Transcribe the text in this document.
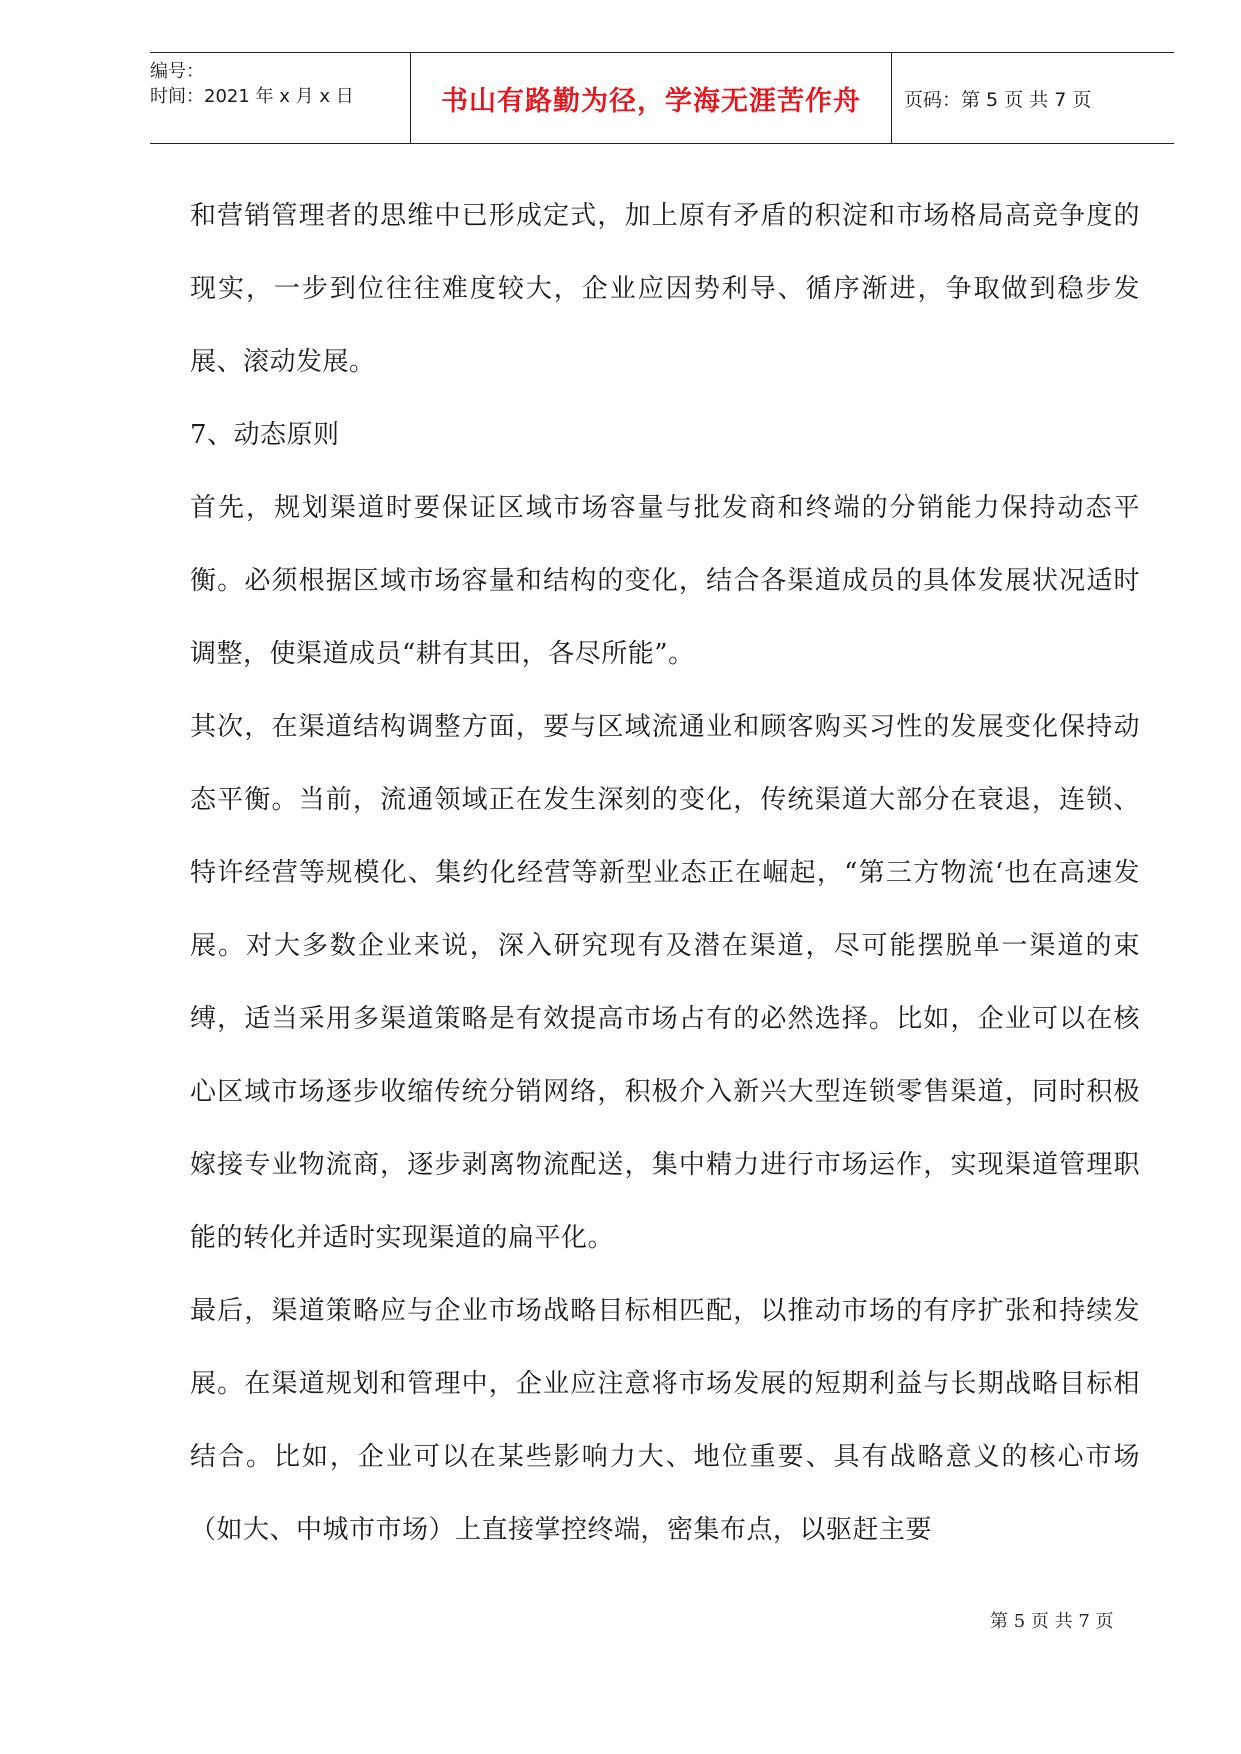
编号：
时间：2021 年 x 月 x 日	书山有路勤为径，学海无涯苦作舟 页码：第 5 页 共 7 页

和营销管理者的思维中已形成定式，加上原有矛盾的积淀和市场格局高竞争度的现实，一步到位往往难度较大，企业应因势利导、循序渐进，争取做到稳步发展、滚动发展。

7、动态原则

首先，规划渠道时要保证区域市场容量与批发商和终端的分销能力保持动态平衡。必须根据区域市场容量和结构的变化，结合各渠道成员的具体发展状况适时调整，使渠道成员“耕有其田，各尽所能”。

其次，在渠道结构调整方面，要与区域流通业和顾客购买习性的发展变化保持动态平衡。当前，流通领域正在发生深刻的变化，传统渠道大部分在衰退，连锁、特许经营等规模化、集约化经营等新型业态正在崛起，“第三方物流‘也在高速发展。对大多数企业来说，深入研究现有及潜在渠道，尽可能摆脱单一渠道的束缚，适当采用多渠道策略是有效提高市场占有的必然选择。比如，企业可以在核心区域市场逐步收缩传统分销网络，积极介入新兴大型连锁零售渠道，同时积极嫁接专业物流商，逐步剥离物流配送，集中精力进行市场运作，实现渠道管理职能的转化并适时实现渠道的扁平化。

最后，渠道策略应与企业市场战略目标相匹配，以推动市场的有序扩张和持续发展。在渠道规划和管理中，企业应注意将市场发展的短期利益与长期战略目标相结合。比如，企业可以在某些影响力大、地位重要、具有战略意义的核心市场（如大、中城市市场）上直接掌控终端，密集布点，以驱赶主要

第 5 页 共 7 页
